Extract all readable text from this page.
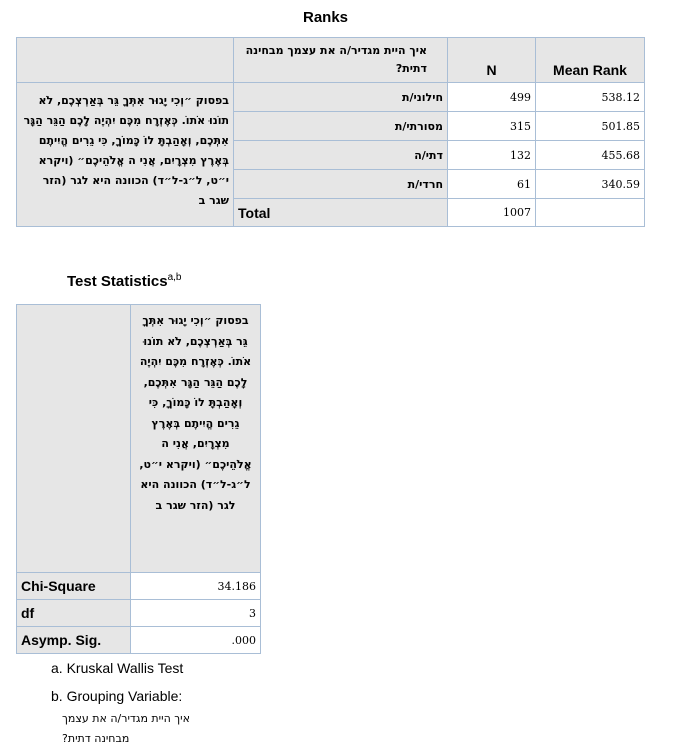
Ranks
	איך היית מגדיר/ה את עצמך מבחינה דתית?	N	Mean Rank
בפסוק ״וְכִי יָגוּר אִתְּךָ גֵּר בְּאַרְצְכֶם, לֹא תוֹנוּ אֹתוֹ. כְּאֶזְרָח מִכֶּם יִהְיֶה לָכֶם הַגֵּר הַגָּר אִתְּכֶם, וְאָהַבְתָּ לוֹ כָּמוֹךָ, כִּי גֵרִים הֱיִיתֶם בְּאֶרֶץ מִצְרָיִם, אֲנִי ה אֱלֹהֵיכֶם״ (ויקרא י״ט, ל״ג-ל״ד) הכוונה היא לגר (הזר שגר ב	חילוני/ת	499	538.12
	מסורתי/ת	315	501.85
	דתי/ה	132	455.68
	חרדי/ת	61	340.59
	Total	1007	
Test Statistics$^{a,b}$
	בפסוק ״וְכִי יָגוּר אִתְּךָ גֵּר בְּאַרְצְכֶם, לֹא תוֹנוּ אֹתוֹ. כְּאֶזְרָח מִכֶּם יִהְיֶה לָכֶם הַגֵּר הַגָּר אִתְּכֶם, וְאָהַבְתָּ לוֹ כָּמוֹךָ, כִּי גֵרִים הֱיִיתֶם בְּאֶרֶץ מִצְרָיִם, אֲנִי ה אֱלֹהֵיכֶם״ (ויקרא י״ט, ל״ג-ל״ד) הכוונה היא לגר (הזר שגר ב
Chi-Square	34.186
df	3
Asymp. Sig.	.000
a. Kruskal Wallis Test
b. Grouping Variable:
איך היית מגדיר/ה את עצמך מבחינה דתית?
